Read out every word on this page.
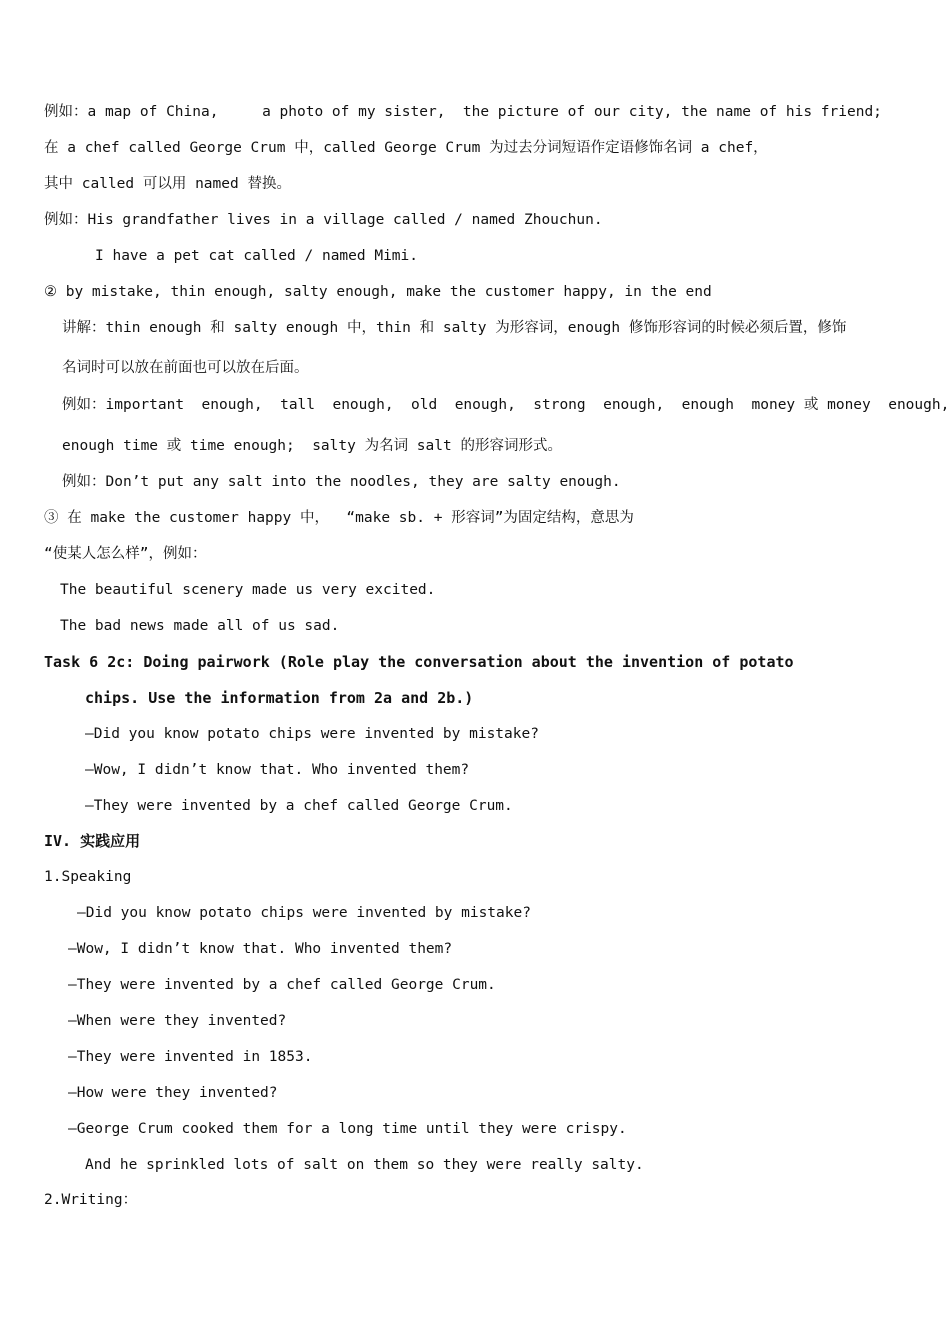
例如：a map of China,     a photo of my sister,  the picture of our city, the name of his friend;
在 a chef called George Crum 中，called George Crum 为过去分词短语作定语修饰名词 a chef，
其中 called 可以用 named 替换。
例如：His grandfather lives in a village called / named Zhouchun.
I have a pet cat called / named Mimi.
② by mistake, thin enough, salty enough, make the customer happy, in the end
讲解：thin enough 和 salty enough 中，thin 和 salty 为形容词，enough 修饰形容词的时候必须后置，修饰
名词时可以放在前面也可以放在后面。
例如：important  enough,  tall  enough,  old  enough,  strong  enough,  enough  money 或 money  enough,
enough time 或 time enough;  salty 为名词 salt 的形容词形式。
例如：Don’t put any salt into the noodles, they are salty enough.
③ 在 make the customer happy 中，  “make sb. + 形容词”为固定结构，意思为
“使某人怎么样”，例如：
The beautiful scenery made us very excited.
The bad news made all of us sad.
Task 6 2c: Doing pairwork (Role play the conversation about the invention of potato
chips. Use the information from 2a and 2b.)
—Did you know potato chips were invented by mistake?
—Wow, I didn’t know that. Who invented them?
—They were invented by a chef called George Crum.
IV. 实践应用
1.Speaking
—Did you know potato chips were invented by mistake?
—Wow, I didn’t know that. Who invented them?
—They were invented by a chef called George Crum.
—When were they invented?
—They were invented in 1853.
—How were they invented?
—George Crum cooked them for a long time until they were crispy.
And he sprinkled lots of salt on them so they were really salty.
2.Writing：
